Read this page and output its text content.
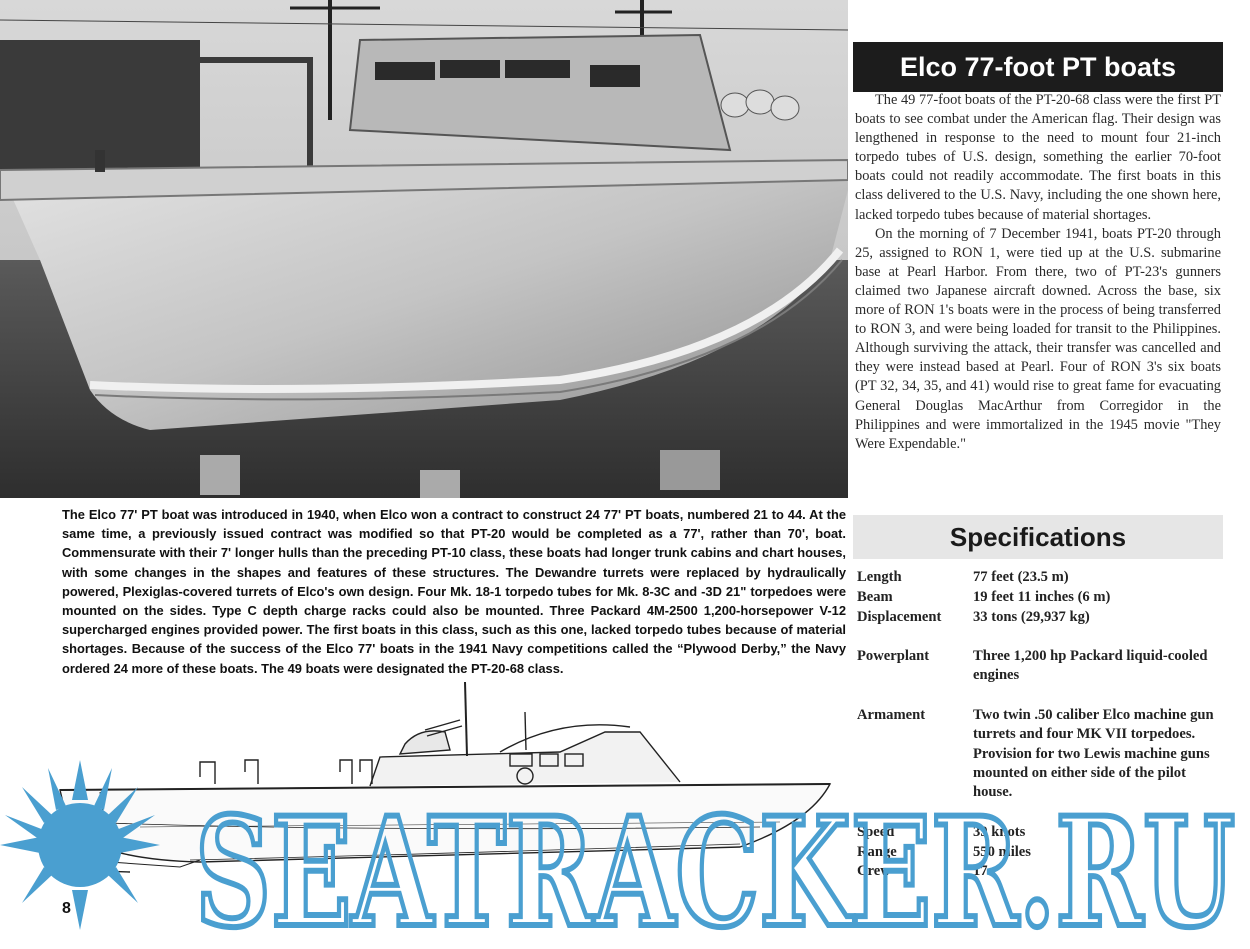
The Elco 77' PT boat was introduced in 1940, when Elco won a contract to construct 24 77' PT boats, numbered 21 to 44. At the same time, a previously issued contract was modified so that PT-20 would be completed as a 77', rather than 70', boat. Commensurate with their 7' longer hulls than the preceding PT-10 class, these boats had longer trunk cabins and chart houses, with some changes in the shapes and features of these structures. The Dewandre turrets were replaced by hydraulically powered, Plexiglas-covered turrets of Elco's own design. Four Mk. 18-1 torpedo tubes for Mk. 8-3C and -3D 21" torpedoes were mounted on the sides. Type C depth charge racks could also be mounted. Three Packard 4M-2500 1,200-horsepower V-12 supercharged engines provided power. The first boats in this class, such as this one, lacked torpedo tubes because of material shortages. Because of the success of the Elco 77' boats in the 1941 Navy competitions called the “Plywood Derby,” the Navy ordered 24 more of these boats. The 49 boats were designated the PT-20-68 class.

Elco 77-foot PT boats

The 49 77-foot boats of the PT-20-68 class were the first PT boats to see combat under the American flag. Their design was lengthened in response to the need to mount four 21-inch torpedo tubes of U.S. design, something the earlier 70-foot boats could not readily accommodate. The first boats in this class delivered to the U.S. Navy, including the one shown here, lacked torpedo tubes because of material shortages.

On the morning of 7 December 1941, boats PT-20 through 25, assigned to RON 1, were tied up at the U.S. submarine base at Pearl Harbor. From there, two of PT-23's gunners claimed two Japanese aircraft downed. Across the base, six more of RON 1's boats were in the process of being transferred to RON 3, and were being loaded for transit to the Philippines. Although surviving the attack, their transfer was cancelled and they were instead based at Pearl. Four of RON 3's six boats (PT 32, 34, 35, and 41) would rise to great fame for evacuating General Douglas MacArthur from Corregidor in the Philippines and were immortalized in the 1945 movie "They Were Expendable."

Specifications
Length	77 feet (23.5 m)
Beam	19 feet 11 inches (6 m)
Displacement	33 tons (29,937 kg)
Powerplant	Three 1,200 hp Packard liquid-cooled engines
Armament	Two twin .50 caliber Elco machine gun turrets and four MK VII torpedoes. Provision for two Lewis machine guns mounted on either side of the pilot house.
Speed	39 knots
Range	550 miles
Crew	17
SEATRACKER.RU
8
